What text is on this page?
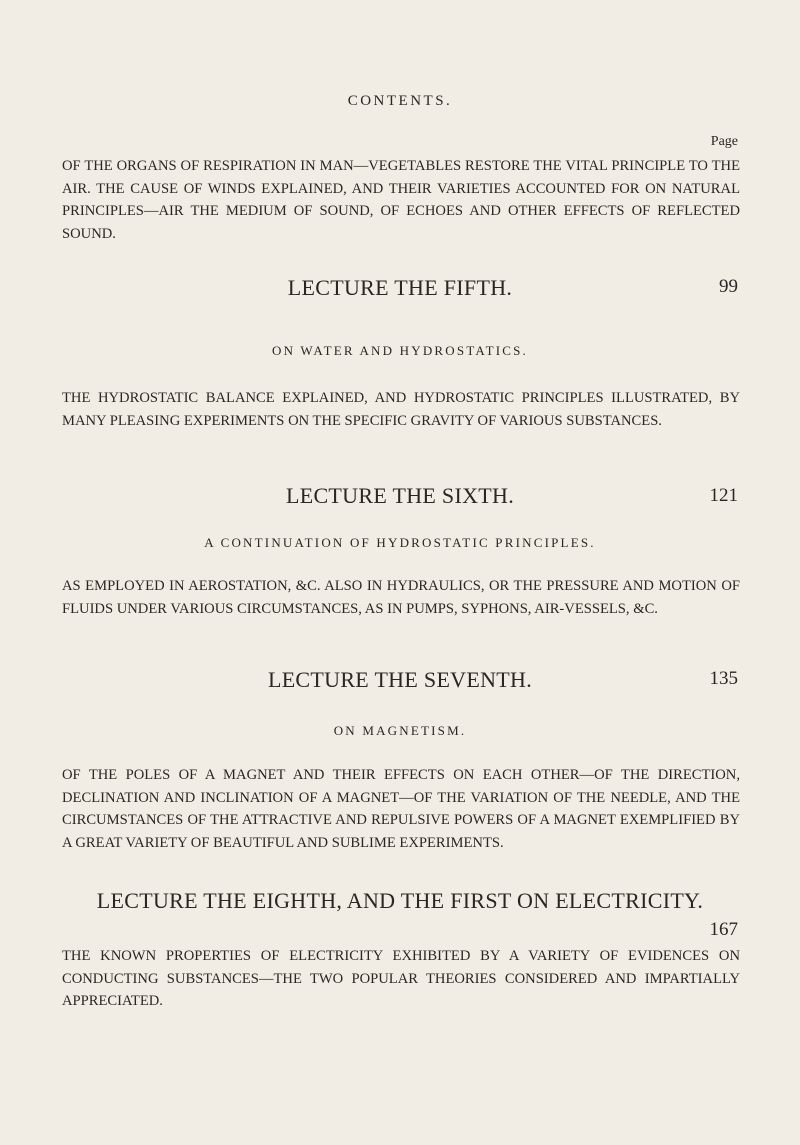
CONTENTS.
Page
OF THE ORGANS OF RESPIRATION IN MAN—VEGETABLES RESTORE THE VITAL PRINCIPLE TO THE AIR. THE CAUSE OF WINDS EXPLAINED, AND THEIR VARIETIES ACCOUNTED FOR ON NATURAL PRINCIPLES—AIR THE MEDIUM OF SOUND, OF ECHOES AND OTHER EFFECTS OF REFLECTED SOUND.
LECTURE THE FIFTH.	99
ON WATER AND HYDROSTATICS.
THE HYDROSTATIC BALANCE EXPLAINED, AND HYDROSTATIC PRINCIPLES ILLUSTRATED, BY MANY PLEASING EXPERIMENTS ON THE SPECIFIC GRAVITY OF VARIOUS SUBSTANCES.
LECTURE THE SIXTH.	121
A CONTINUATION OF HYDROSTATIC PRINCIPLES.
AS EMPLOYED IN AEROSTATION, &C. ALSO IN HYDRAULICS, OR THE PRESSURE AND MOTION OF FLUIDS UNDER VARIOUS CIRCUMSTANCES, AS IN PUMPS, SYPHONS, AIR-VESSELS, &C.
LECTURE THE SEVENTH.	135
ON MAGNETISM.
OF THE POLES OF A MAGNET AND THEIR EFFECTS ON EACH OTHER—OF THE DIRECTION, DECLINATION AND INCLINATION OF A MAGNET—OF THE VARIATION OF THE NEEDLE, AND THE CIRCUMSTANCES OF THE ATTRACTIVE AND REPULSIVE POWERS OF A MAGNET EXEMPLIFIED BY A GREAT VARIETY OF BEAUTIFUL AND SUBLIME EXPERIMENTS.
LECTURE THE EIGHTH, AND THE FIRST ON ELECTRICITY.
167
THE KNOWN PROPERTIES OF ELECTRICITY EXHIBITED BY A VARIETY OF EVIDENCES ON CONDUCTING SUBSTANCES—THE TWO POPULAR THEORIES CONSIDERED AND IMPARTIALLY APPRECIATED.
